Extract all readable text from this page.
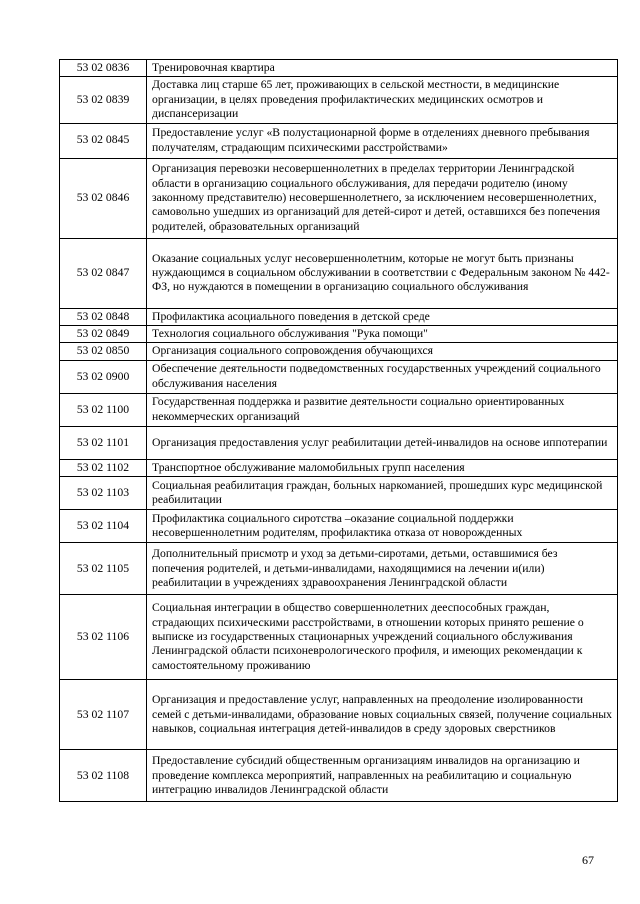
53 02 0836	Тренировочная квартира
53 02 0839	Доставка лиц старше 65 лет, проживающих в сельской местности, в медицинские организации, в целях проведения профилактических медицинских осмотров и диспансеризации
53 02 0845	Предоставление услуг «В полустационарной форме в отделениях дневного пребывания получателям, страдающим психическими расстройствами»
53 02 0846	Организация перевозки несовершеннолетних в пределах территории Ленинградской области в организацию социального обслуживания, для передачи родителю (иному законному представителю) несовершеннолетнего, за исключением несовершеннолетних, самовольно ушедших из организаций для детей-сирот и детей, оставшихся без попечения родителей, образовательных организаций
53 02 0847	Оказание социальных услуг несовершеннолетним, которые не могут быть признаны нуждающимся в социальном обслуживании в соответствии с Федеральным законом № 442-ФЗ, но нуждаются в помещении в организацию социального обслуживания
53 02 0848	Профилактика асоциального поведения в детской среде
53 02 0849	Технология социального обслуживания "Рука помощи"
53 02 0850	Организация социального сопровождения обучающихся
53 02 0900	Обеспечение деятельности подведомственных государственных учреждений социального обслуживания населения
53 02 1100	Государственная поддержка и развитие деятельности социально ориентированных некоммерческих организаций
53 02 1101	Организация предоставления услуг реабилитации детей-инвалидов на основе иппотерапии
53 02 1102	Транспортное обслуживание маломобильных групп населения
53 02 1103	Социальная реабилитация граждан, больных наркоманией, прошедших курс медицинской реабилитации
53 02 1104	Профилактика социального сиротства –оказание социальной поддержки несовершеннолетним родителям, профилактика отказа от новорожденных
53 02 1105	Дополнительный присмотр и уход за детьми-сиротами, детьми, оставшимися без попечения родителей, и детьми-инвалидами, находящимися на лечении и(или) реабилитации в учреждениях здравоохранения Ленинградской области
53 02 1106	Социальная интеграции в общество совершеннолетних дееспособных граждан, страдающих психическими расстройствами, в отношении которых принято решение о выписке из государственных стационарных учреждений социального обслуживания Ленинградской области психоневрологического профиля, и имеющих рекомендации к самостоятельному проживанию
53 02 1107	Организация и предоставление услуг, направленных на преодоление изолированности семей с детьми-инвалидами, образование новых социальных связей, получение социальных навыков, социальная интеграция детей-инвалидов в среду здоровых сверстников
53 02 1108	Предоставление субсидий общественным организациям инвалидов на организацию и проведение комплекса мероприятий, направленных на реабилитацию и социальную интеграцию инвалидов Ленинградской области
67
